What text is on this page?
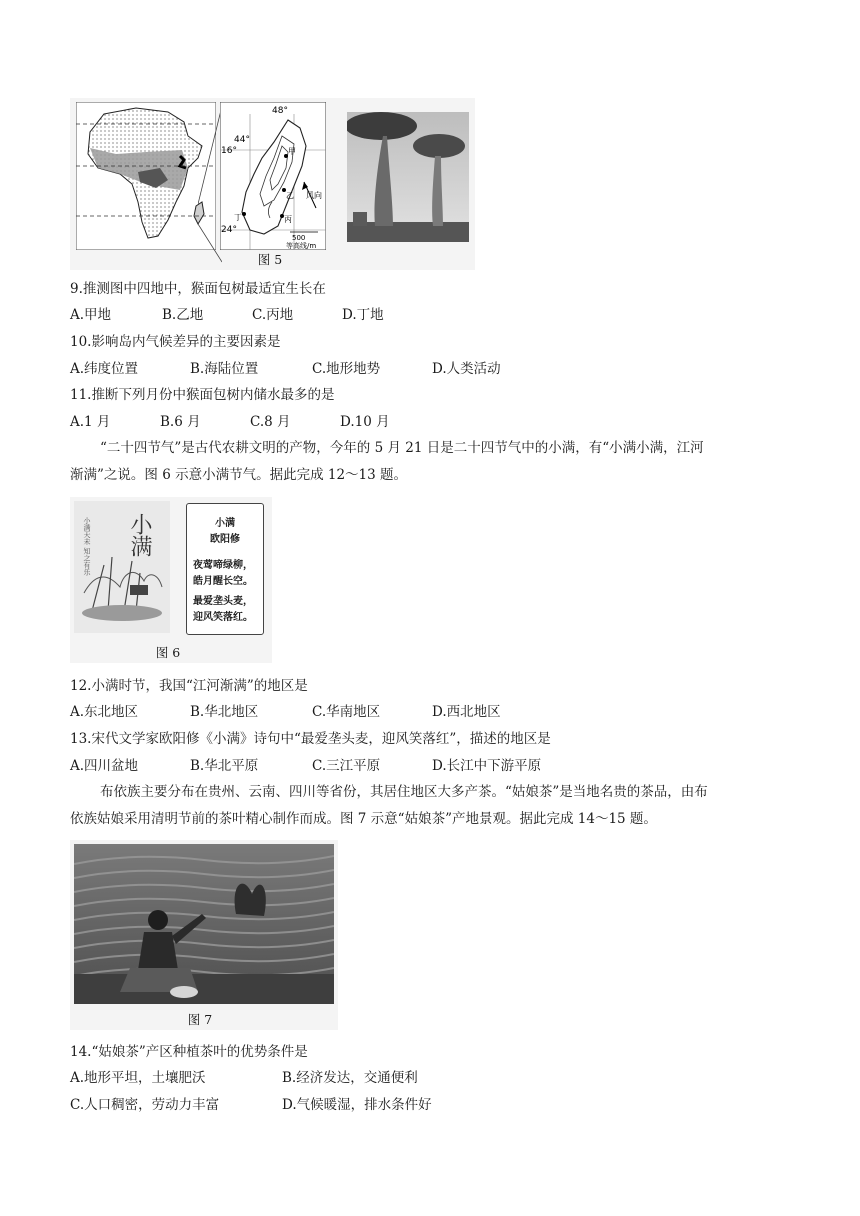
48°
44°
16°
24°
甲
乙
丙
丁
风向
500
等高线/m
图 5
9.推测图中四地中，猴面包树最适宜生长在
A.甲地	B.乙地	C.丙地	D.丁地
10.影响岛内气候差异的主要因素是
A.纬度位置	B.海陆位置	C.地形地势	D.人类活动
11.推断下列月份中猴面包树内储水最多的是
A.1 月	B.6 月	C.8 月	D.10 月
“二十四节气”是古代农耕文明的产物，今年的 5 月 21 日是二十四节气中的小满，有“小满小满，江河
渐满”之说。图 6 示意小满节气。据此完成 12～13 题。
小满
小满天未 知之有乐	小满
欧阳修
夜莺啼绿柳，
皓月醒长空。
最爱垄头麦，
迎风笑落红。
图 6
12.小满时节，我国“江河渐满”的地区是
A.东北地区	B.华北地区	C.华南地区	D.西北地区
13.宋代文学家欧阳修《小满》诗句中“最爱垄头麦，迎风笑落红”，描述的地区是
A.四川盆地	B.华北平原	C.三江平原	D.长江中下游平原
布依族主要分布在贵州、云南、四川等省份，其居住地区大多产茶。“姑娘茶”是当地名贵的茶品，由布
依族姑娘采用清明节前的茶叶精心制作而成。图 7 示意“姑娘茶”产地景观。据此完成 14～15 题。
图 7
14.“姑娘茶”产区种植茶叶的优势条件是
A.地形平坦，土壤肥沃	B.经济发达，交通便利
C.人口稠密，劳动力丰富	D.气候暖湿，排水条件好
